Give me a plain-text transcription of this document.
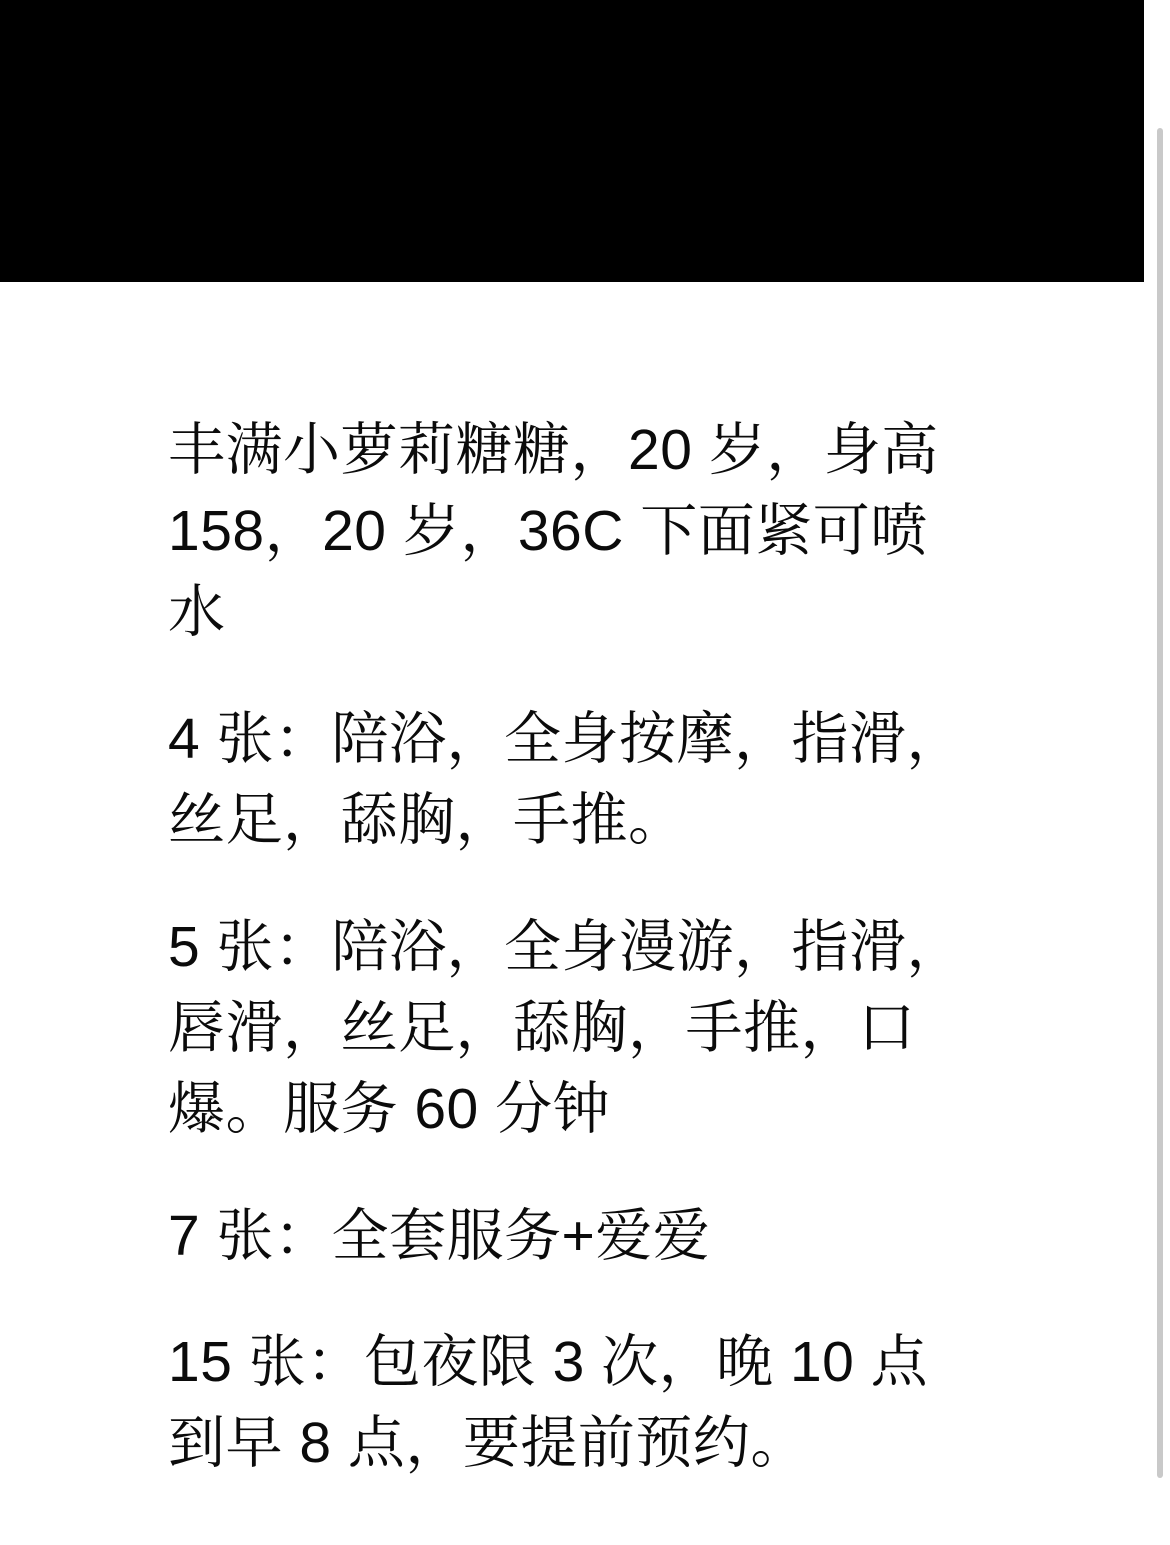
丰满小萝莉糖糖，20 岁，身高 158，20 岁，36C 下面紧可喷水

4 张：陪浴，全身按摩，指滑，丝足，舔胸，手推。

5 张：陪浴，全身漫游，指滑，唇滑，丝足，舔胸，手推，口爆。服务 60 分钟

7 张：全套服务+爱爱

15 张：包夜限 3 次，晚 10 点到早 8 点，要提前预约。
